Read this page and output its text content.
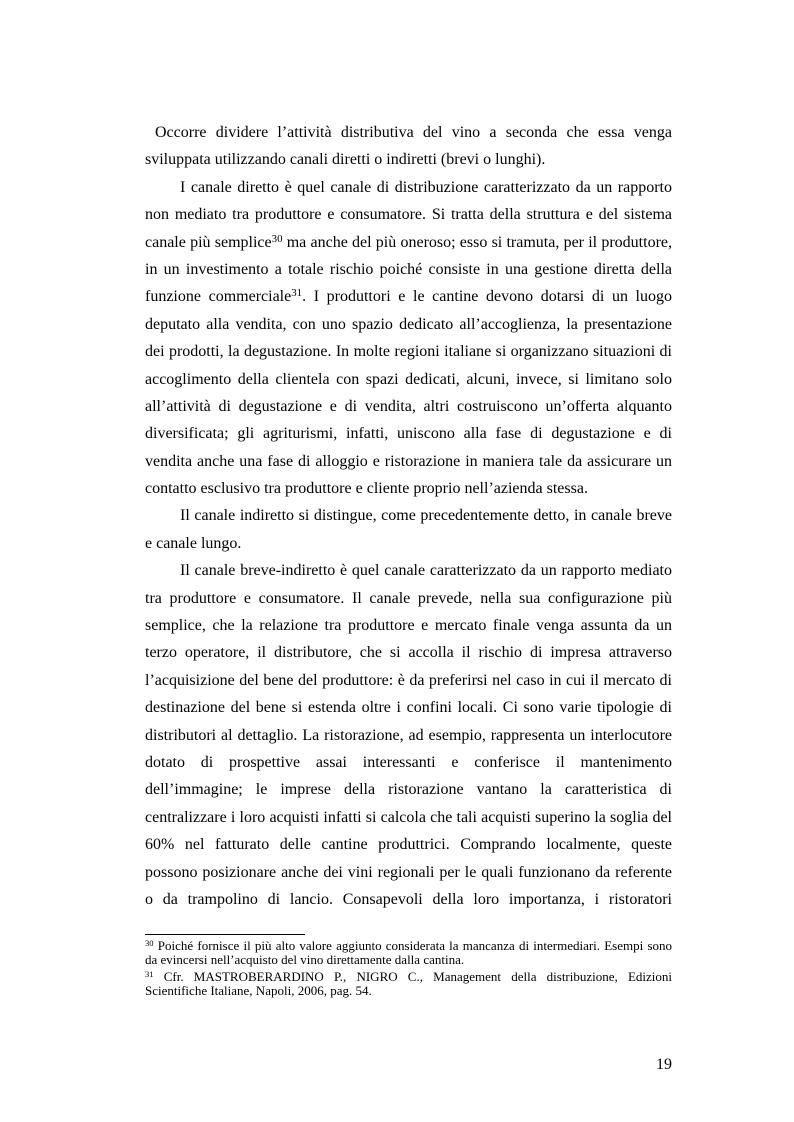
Occorre dividere l’attività distributiva del vino a seconda che essa venga
sviluppata utilizzando canali diretti o indiretti (brevi o lunghi).
I canale diretto è quel canale di distribuzione caratterizzato da un rapporto
non mediato tra produttore e consumatore. Si tratta della struttura e del sistema
canale più semplice$^{30}$ ma anche del più oneroso; esso si tramuta, per il produttore,
in un investimento a totale rischio poiché consiste in una gestione diretta della
funzione commerciale$^{31}$. I produttori e le cantine devono dotarsi di un luogo
deputato alla vendita, con uno spazio dedicato all’accoglienza, la presentazione
dei prodotti, la degustazione. In molte regioni italiane si organizzano situazioni di
accoglimento della clientela con spazi dedicati, alcuni, invece, si limitano solo
all’attività di degustazione e di vendita, altri costruiscono un’offerta alquanto
diversificata; gli agriturismi, infatti, uniscono alla fase di degustazione e di
vendita anche una fase di alloggio e ristorazione in maniera tale da assicurare un
contatto esclusivo tra produttore e cliente proprio nell’azienda stessa.
Il canale indiretto si distingue, come precedentemente detto, in canale breve
e canale lungo.
Il canale breve-indiretto è quel canale caratterizzato da un rapporto mediato
tra produttore e consumatore. Il canale prevede, nella sua configurazione più
semplice, che la relazione tra produttore e mercato finale venga assunta da un
terzo operatore, il distributore, che si accolla il rischio di impresa attraverso
l’acquisizione del bene del produttore: è da preferirsi nel caso in cui il mercato di
destinazione del bene si estenda oltre i confini locali. Ci sono varie tipologie di
distributori al dettaglio. La ristorazione, ad esempio, rappresenta un interlocutore
dotato di prospettive assai interessanti e conferisce il mantenimento
dell’immagine; le imprese della ristorazione vantano la caratteristica di
centralizzare i loro acquisti infatti si calcola che tali acquisti superino la soglia del
60% nel fatturato delle cantine produttrici. Comprando localmente, queste
possono posizionare anche dei vini regionali per le quali funzionano da referente
o da trampolino di lancio. Consapevoli della loro importanza, i ristoratori
$^{30}$ Poiché fornisce il più alto valore aggiunto considerata la mancanza di intermediari. Esempi sono
da evincersi nell’acquisto del vino direttamente dalla cantina.
$^{31}$ Cfr. MASTROBERARDINO P., NIGRO C., Management della distribuzione, Edizioni
Scientifiche Italiane, Napoli, 2006, pag. 54.
19
